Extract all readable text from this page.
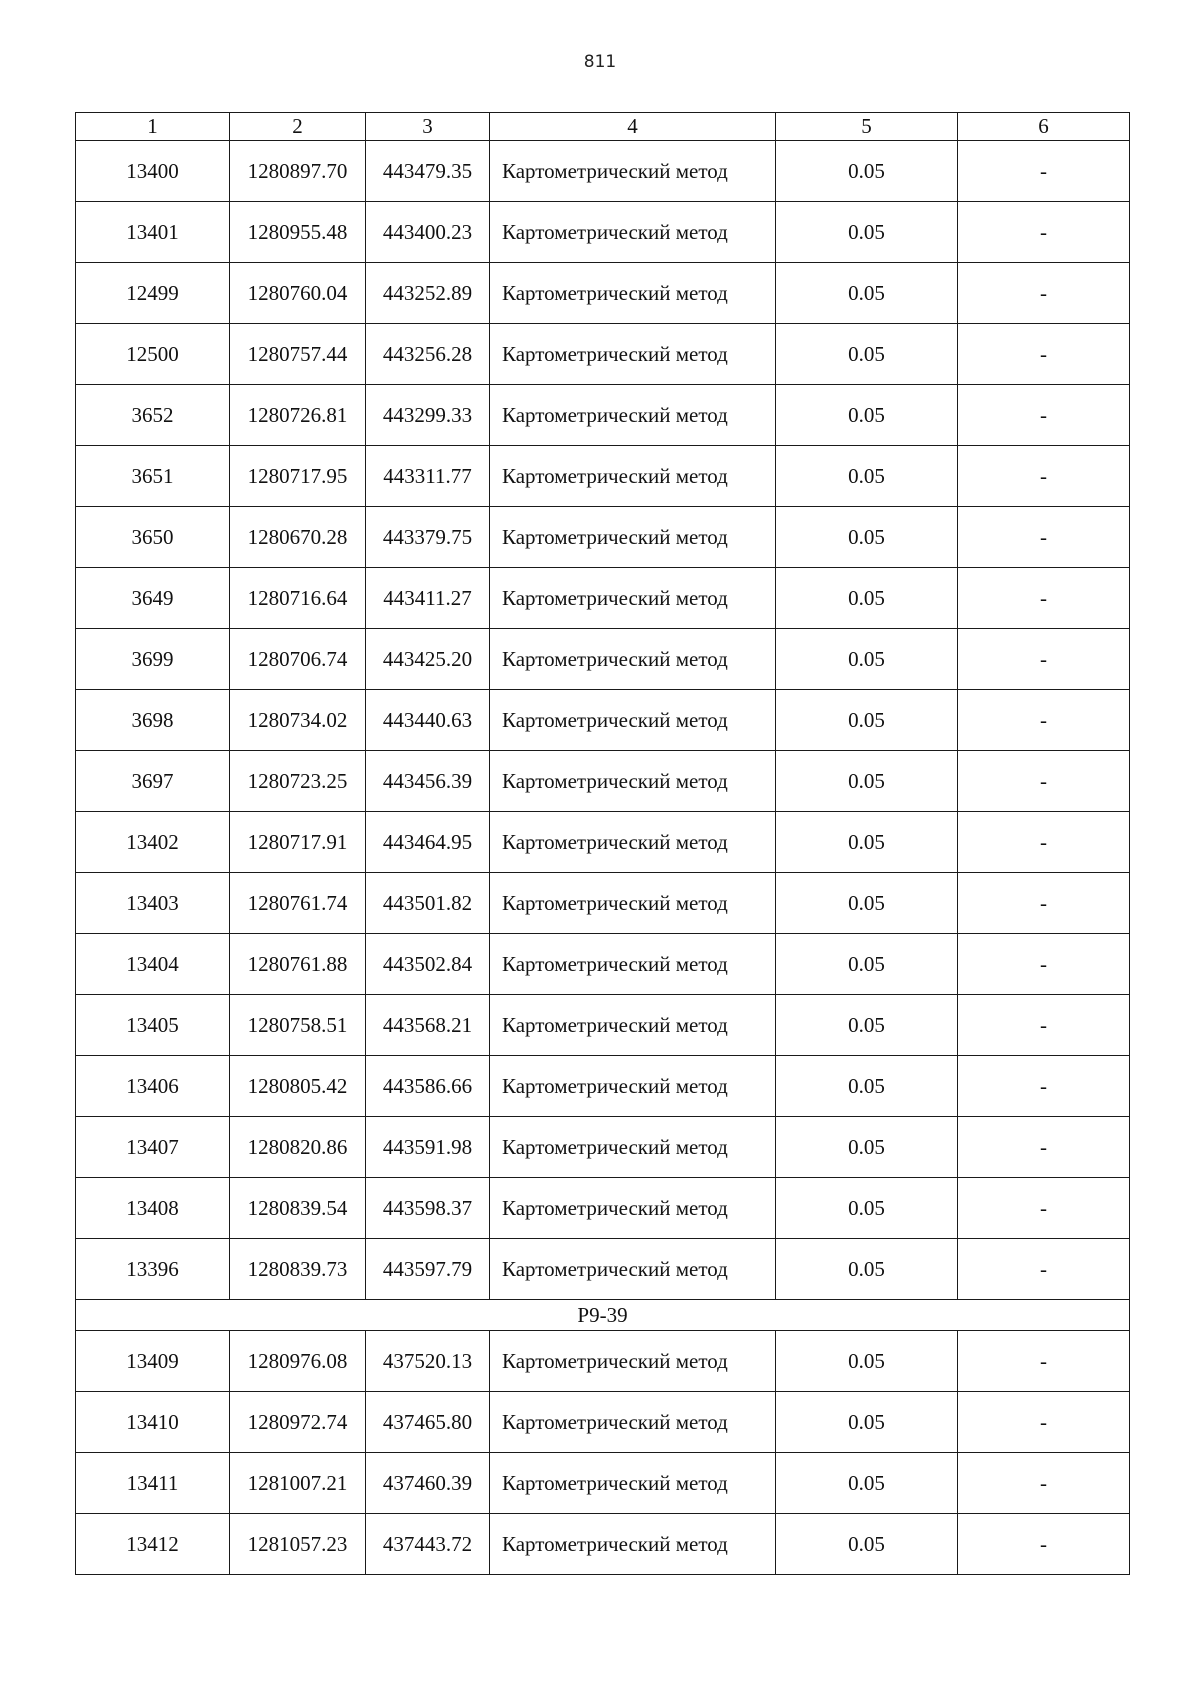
811
1	2	3	4	5	6
13400	1280897.70	443479.35	Картометрический метод	0.05	-
13401	1280955.48	443400.23	Картометрический метод	0.05	-
12499	1280760.04	443252.89	Картометрический метод	0.05	-
12500	1280757.44	443256.28	Картометрический метод	0.05	-
3652	1280726.81	443299.33	Картометрический метод	0.05	-
3651	1280717.95	443311.77	Картометрический метод	0.05	-
3650	1280670.28	443379.75	Картометрический метод	0.05	-
3649	1280716.64	443411.27	Картометрический метод	0.05	-
3699	1280706.74	443425.20	Картометрический метод	0.05	-
3698	1280734.02	443440.63	Картометрический метод	0.05	-
3697	1280723.25	443456.39	Картометрический метод	0.05	-
13402	1280717.91	443464.95	Картометрический метод	0.05	-
13403	1280761.74	443501.82	Картометрический метод	0.05	-
13404	1280761.88	443502.84	Картометрический метод	0.05	-
13405	1280758.51	443568.21	Картометрический метод	0.05	-
13406	1280805.42	443586.66	Картометрический метод	0.05	-
13407	1280820.86	443591.98	Картометрический метод	0.05	-
13408	1280839.54	443598.37	Картометрический метод	0.05	-
13396	1280839.73	443597.79	Картометрический метод	0.05	-
Р9-39					
13409	1280976.08	437520.13	Картометрический метод	0.05	-
13410	1280972.74	437465.80	Картометрический метод	0.05	-
13411	1281007.21	437460.39	Картометрический метод	0.05	-
13412	1281057.23	437443.72	Картометрический метод	0.05	-
